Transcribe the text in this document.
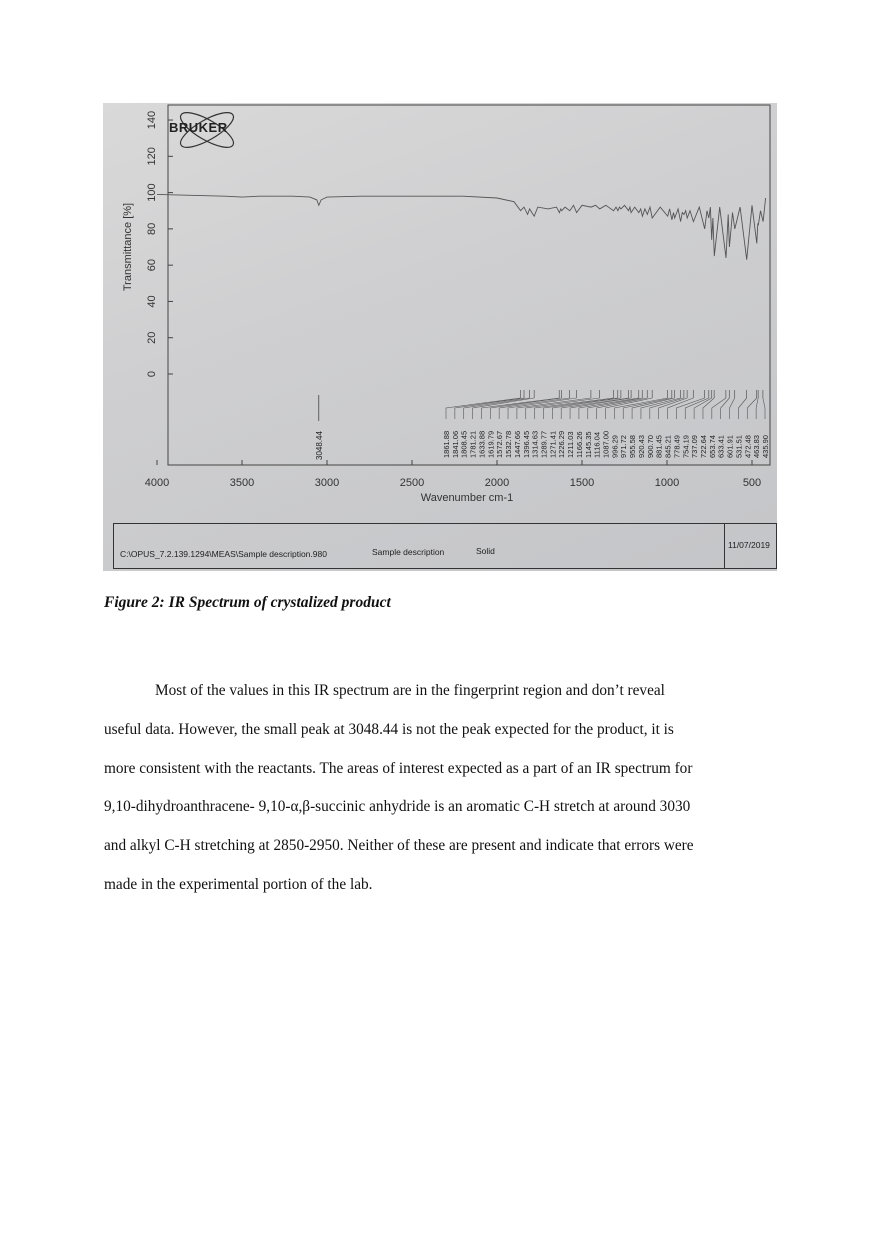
0
20
40
60
80
100
120
140
Transmittance [%]
4000	3500	3000	2500	2000	1500	1000	500
Wavenumber cm-1
3048.44	1861.88 1841.06 1808.45 1781.21 1633.88 1619.79 1572.67 1532.78 1447.66 1396.45 1314.63 1289.77 1271.41 1226.29 1211.03 1166.26 1145.35 1116.04 1087.00 996.29 971.72 955.58 920.43 900.70 881.45 845.21 778.49 754.19 737.09 722.64 653.74 633.41 601.91 531.51 472.48 463.83 435.90
BRUKER
C:\OPUS_7.2.139.1294\MEAS\Sample description.980	Sample description	Solid
11/07/2019
Figure 2: IR Spectrum of crystalized product
Most of the values in this IR spectrum are in the fingerprint region and don’t reveal
useful data. However, the small peak at 3048.44 is not the peak expected for the product, it is
more consistent with the reactants. The areas of interest expected as a part of an IR spectrum for
9,10-dihydroanthracene- 9,10-α,β-succinic anhydride is an aromatic C-H stretch at around 3030
and alkyl C-H stretching at 2850-2950. Neither of these are present and indicate that errors were
made in the experimental portion of the lab.
